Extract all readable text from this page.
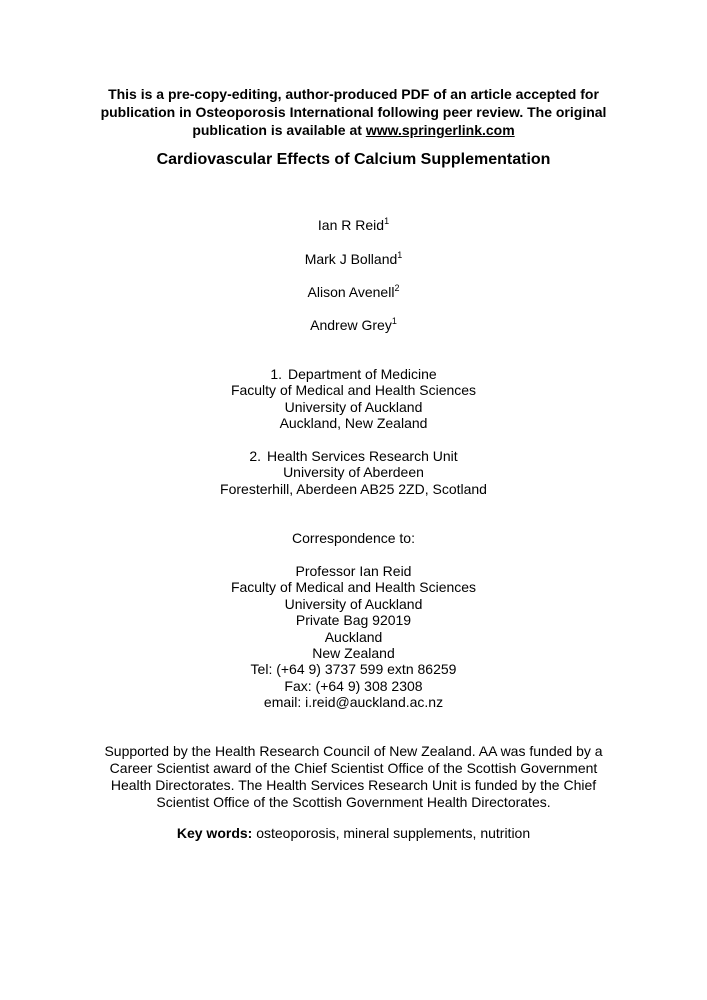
This is a pre-copy-editing, author-produced PDF of an article accepted for
publication in Osteoporosis International following peer review. The original
publication is available at www.springerlink.com
Cardiovascular Effects of Calcium Supplementation
Ian R Reid$^1$
Mark J Bolland$^1$
Alison Avenell$^2$
Andrew Grey$^1$
1. Department of Medicine
Faculty of Medical and Health Sciences
University of Auckland
Auckland, New Zealand
2. Health Services Research Unit
University of Aberdeen
Foresterhill, Aberdeen AB25 2ZD, Scotland
Correspondence to:
Professor Ian Reid
Faculty of Medical and Health Sciences
University of Auckland
Private Bag 92019
Auckland
New Zealand
Tel: (+64 9) 3737 599 extn 86259
Fax: (+64 9) 308 2308
email: i.reid@auckland.ac.nz
Supported by the Health Research Council of New Zealand. AA was funded by a
Career Scientist award of the Chief Scientist Office of the Scottish Government
Health Directorates. The Health Services Research Unit is funded by the Chief
Scientist Office of the Scottish Government Health Directorates.
Key words: osteoporosis, mineral supplements, nutrition
